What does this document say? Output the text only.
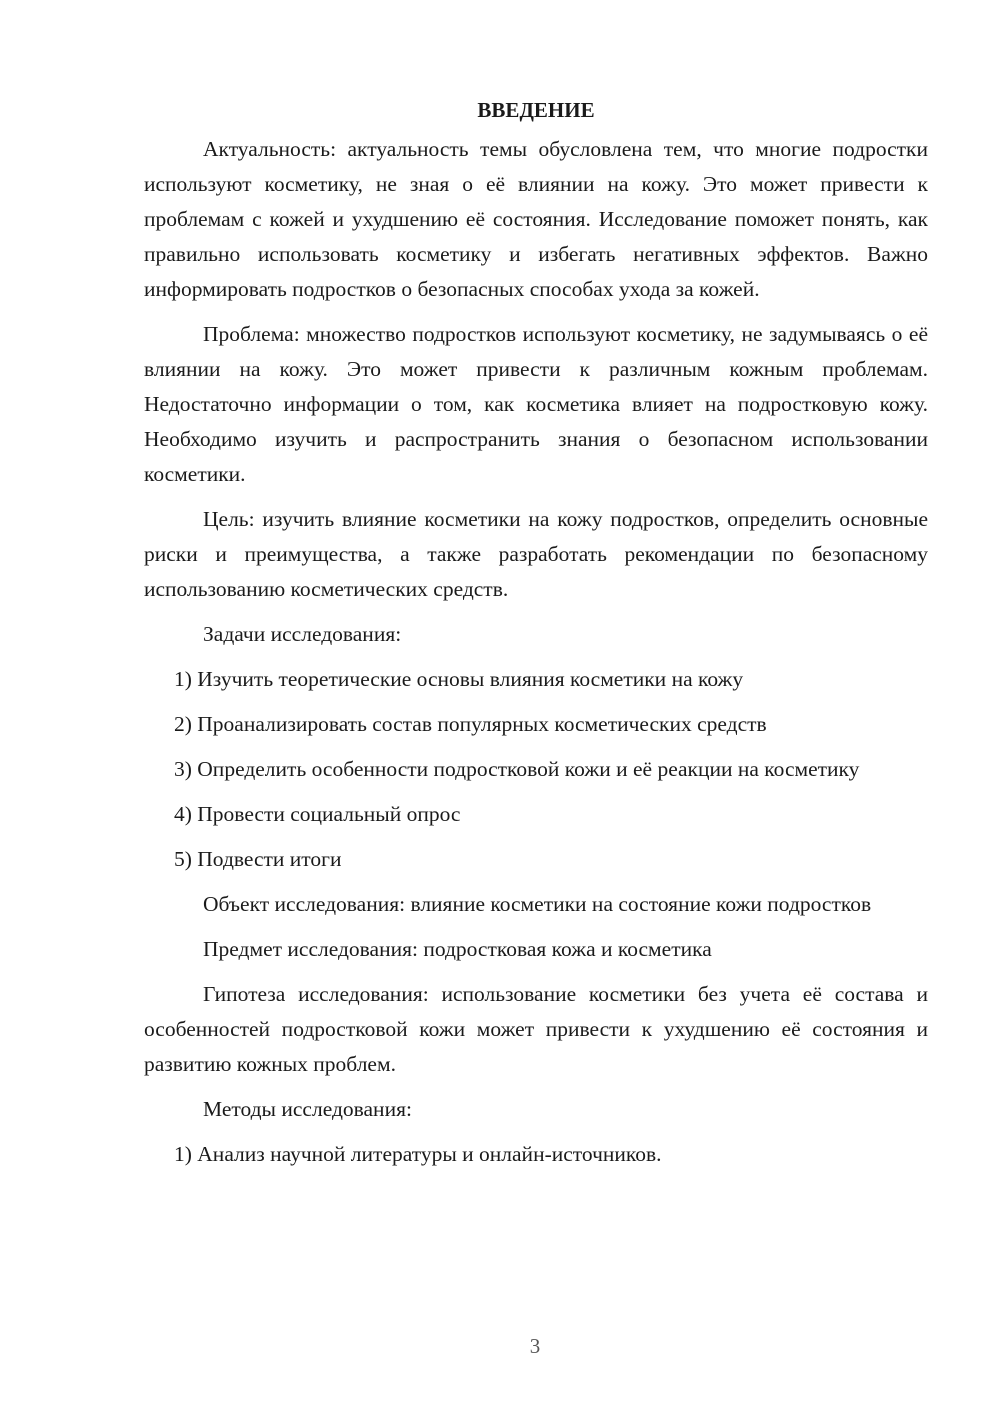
ВВЕДЕНИЕ

Актуальность: актуальность темы обусловлена тем, что многие подростки используют косметику, не зная о её влиянии на кожу. Это может привести к проблемам с кожей и ухудшению её состояния. Исследование поможет понять, как правильно использовать косметику и избегать негативных эффектов. Важно информировать подростков о безопасных способах ухода за кожей.

Проблема: множество подростков используют косметику, не задумываясь о её влиянии на кожу. Это может привести к различным кожным проблемам. Недостаточно информации о том, как косметика влияет на подростковую кожу. Необходимо изучить и распространить знания о безопасном использовании косметики.

Цель: изучить влияние косметики на кожу подростков, определить основные риски и преимущества, а также разработать рекомендации по безопасному использованию косметических средств.

Задачи исследования:

1) Изучить теоретические основы влияния косметики на кожу

2) Проанализировать состав популярных косметических средств

3) Определить особенности подростковой кожи и её реакции на косметику

4) Провести социальный опрос

5) Подвести итоги

Объект исследования: влияние косметики на состояние кожи подростков

Предмет исследования: подростковая кожа и косметика

Гипотеза исследования: использование косметики без учета её состава и особенностей подростковой кожи может привести к ухудшению её состояния и развитию кожных проблем.

Методы исследования:

1) Анализ научной литературы и онлайн-источников.

3
